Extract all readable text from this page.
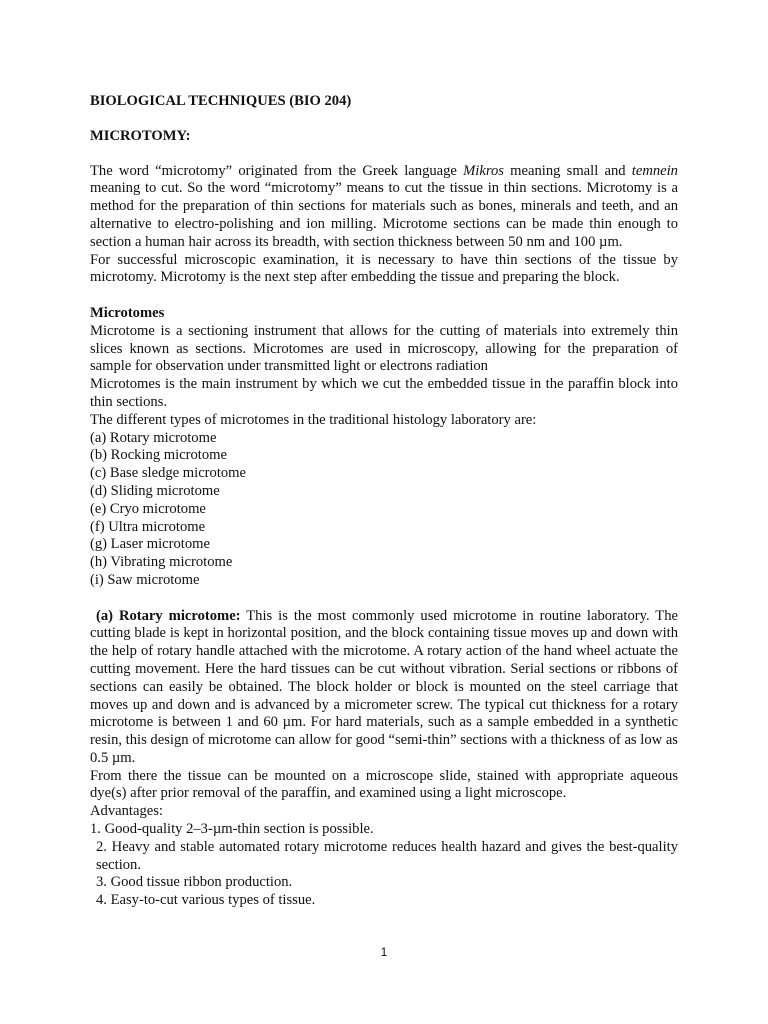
BIOLOGICAL TECHNIQUES (BIO 204)
MICROTOMY:

The word “microtomy” originated from the Greek language Mikros meaning small and temnein meaning to cut. So the word “microtomy” means to cut the tissue in thin sections. Microtomy is a method for the preparation of thin sections for materials such as bones, minerals and teeth, and an alternative to electro-polishing and ion milling. Microtome sections can be made thin enough to section a human hair across its breadth, with section thickness between 50 nm and 100 µm.

For successful microscopic examination, it is necessary to have thin sections of the tissue by microtomy. Microtomy is the next step after embedding the tissue and preparing the block.

Microtomes

Microtome is a sectioning instrument that allows for the cutting of materials into extremely thin slices known as sections. Microtomes are used in microscopy, allowing for the preparation of sample for observation under transmitted light or electrons radiation

Microtomes is the main instrument by which we cut the embedded tissue in the paraffin block into thin sections.

The different types of microtomes in the traditional histology laboratory are:

(a) Rotary microtome
(b) Rocking microtome
(c) Base sledge microtome
(d) Sliding microtome
(e) Cryo microtome
(f) Ultra microtome
(g) Laser microtome
(h) Vibrating microtome
(i) Saw microtome

(a) Rotary microtome: This is the most commonly used microtome in routine laboratory. The cutting blade is kept in horizontal position, and the block containing tissue moves up and down with the help of rotary handle attached with the microtome. A rotary action of the hand wheel actuate the cutting movement. Here the hard tissues can be cut without vibration. Serial sections or ribbons of sections can easily be obtained. The block holder or block is mounted on the steel carriage that moves up and down and is advanced by a micrometer screw. The typical cut thickness for a rotary microtome is between 1 and 60 µm. For hard materials, such as a sample embedded in a synthetic resin, this design of microtome can allow for good “semi-thin” sections with a thickness of as low as 0.5 µm.

From there the tissue can be mounted on a microscope slide, stained with appropriate aqueous dye(s) after prior removal of the paraffin, and examined using a light microscope.

Advantages:
1. Good-quality 2–3-µm-thin section is possible.
2. Heavy and stable automated rotary microtome reduces health hazard and gives the best-quality section.
3. Good tissue ribbon production.
4. Easy-to-cut various types of tissue.
1
